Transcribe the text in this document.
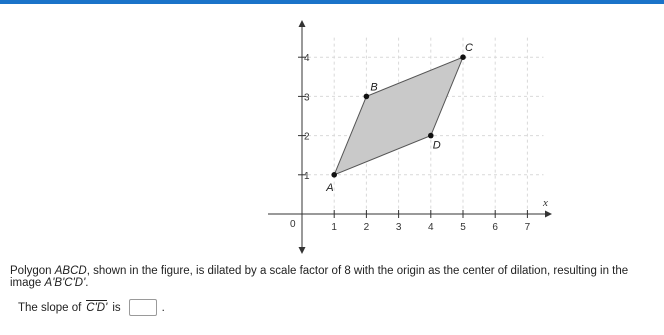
1	2	3	4	5	6	7
1
2
3
4
0
x
A
B
C
D
Polygon ABCD, shown in the figure, is dilated by a scale factor of 8 with the origin as the center of dilation, resulting in the image A'B'C'D'.
The slope of C'D' is	.
